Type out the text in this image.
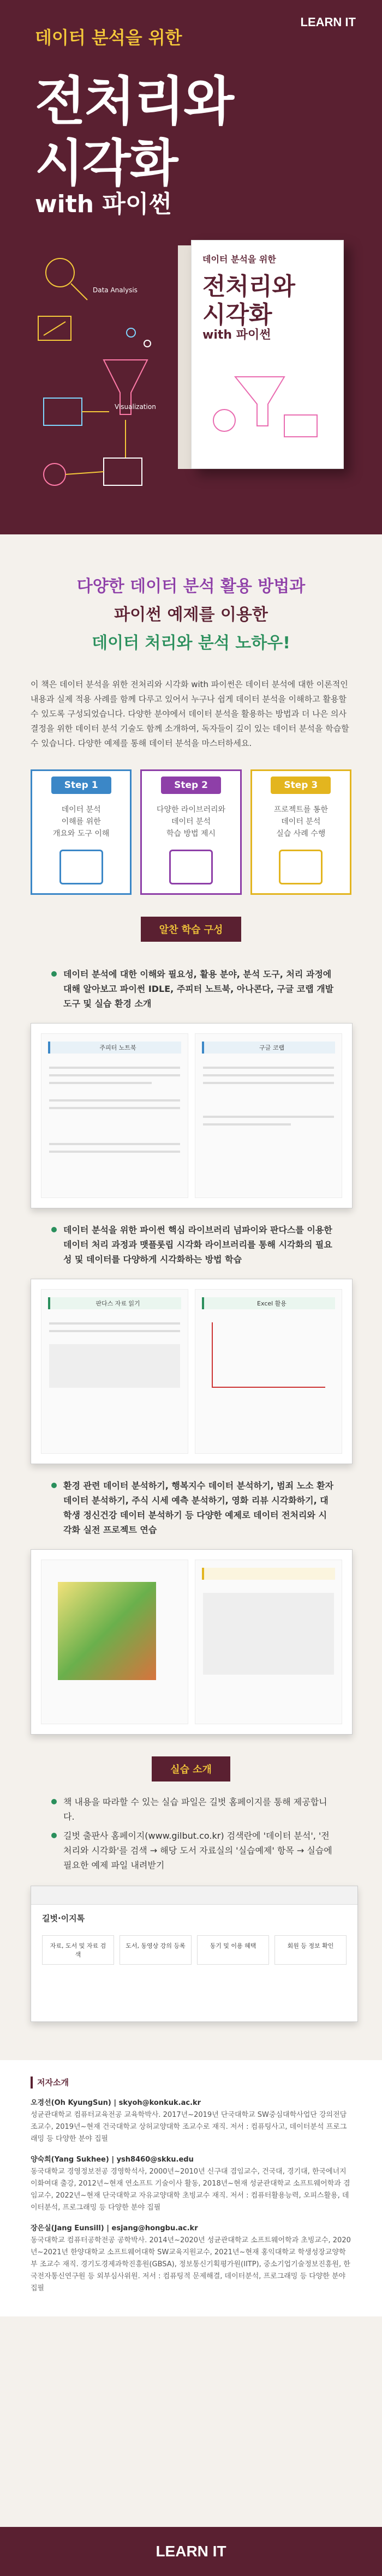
LEARN IT
데이터 분석을 위한
전처리와
시각화
with 파이썬
Data Analysis
Visualization
데이터 분석을 위한
전처리와
시각화
with 파이썬
다양한 데이터 분석 활용 방법과
파이썬 예제를 이용한
데이터 처리와 분석 노하우!
이 책은 데이터 분석을 위한 전처리와 시각화 with 파이썬은 데이터 분석에 대한 이론적인 내용과 실제 적용 사례를 함께 다루고 있어서 누구나 쉽게 데이터 분석을 이해하고 활용할 수 있도록 구성되었습니다. 다양한 분야에서 데이터 분석을 활용하는 방법과 더 나은 의사 결정을 위한 데이터 분석 기술도 함께 소개하여, 독자들이 깊이 있는 데이터 분석을 학습할 수 있습니다. 다양한 예제를 통해 데이터 분석을 마스터하세요.
Step 1
데이터 분석
이해를 위한
개요와 도구 이해
Step 2
다양한 라이브러리와
데이터 분석
학습 방법 제시
Step 3
프로젝트를 통한
데이터 분석
실습 사례 수행
알찬 학습 구성
데이터 분석에 대한 이해와 필요성, 활용 분야, 분석 도구, 처리 과정에 대해 알아보고 파이썬 IDLE, 주피터 노트북, 아나콘다, 구글 코랩 개발 도구 및 실습 환경 소개
주피터 노트북	구글 코랩
데이터 분석을 위한 파이썬 핵심 라이브러리 넘파이와 판다스를 이용한 데이터 처리 과정과 맷플롯립 시각화 라이브러리를 통해 시각화의 필요성 및 데이터를 다양하게 시각화하는 방법 학습
판다스 자료 읽기	Excel 활용
환경 관련 데이터 분석하기, 행복지수 데이터 분석하기, 범죄 노소 환자 데이터 분석하기, 주식 시세 예측 분석하기, 영화 리뷰 시각화하기, 대학생 정신건강 데이터 분석하기 등 다양한 예제로 데이터 전처리와 시각화 실전 프로젝트 연습
실습 소개
책 내용을 따라할 수 있는 실습 파일은 길벗 홈페이지를 통해 제공합니다.
길벗 출판사 홈페이지(www.gilbut.co.kr) 검색란에 '데이터 분석', '전처리와 시각화'를 검색 → 해당 도서 자료실의 '실습예제' 항목 → 실습에 필요한 예제 파일 내려받기
길벗·이지톡
자료, 도서 및 자료 검색
도서, 동영상 강의 등록	동기 및 이용 혜택	회원 등 정보 확인
저자소개
오경선(Oh KyungSun) | skyoh@konkuk.ac.kr
성균관대학교 컴퓨터교육전공 교육학박사. 2017년~2019년 단국대학교 SW중심대학사업단 강의전담 조교수, 2019년~현재 건국대학교 상허교양대학 조교수로 재직. 저서 : 컴퓨팅사고, 데이터분석 프로그래밍 등 다양한 분야 집필
양숙희(Yang Sukhee) | ysh8460@skku.edu
동국대학교 경영정보전공 경영학석사, 2000년~2010년 신구대 겸임교수, 건국대, 경기대, 한국에너지 이화여대 출강, 2012년~현재 연소프트 기술이사 활동, 2018년~현재 성균관대학교 소프트웨어학과 겸임교수, 2022년~현재 단국대학교 자유교양대학 초빙교수 재직. 저서 : 컴퓨터활용능력, 오피스활용, 데이터분석, 프로그래밍 등 다양한 분야 집필
장은실(Jang Eunsill) | esjang@hongbu.ac.kr
동국대학교 컴퓨터공학전공 공학박사. 2014년~2020년 성균관대학교 소프트웨어학과 초빙교수, 2020년~2021년 한양대학교 소프트웨어대학 SW교육지원교수, 2021년~현재 홍익대학교 학생성장교양학부 조교수 재직. 경기도경제과학진흥원(GBSA), 정보통신기획평가원(IITP), 중소기업기술정보진흥원, 한국전자통신연구원 등 외부심사위원. 저서 : 컴퓨팅적 문제해결, 데이터분석, 프로그래밍 등 다양한 분야 집필
LEARN IT
